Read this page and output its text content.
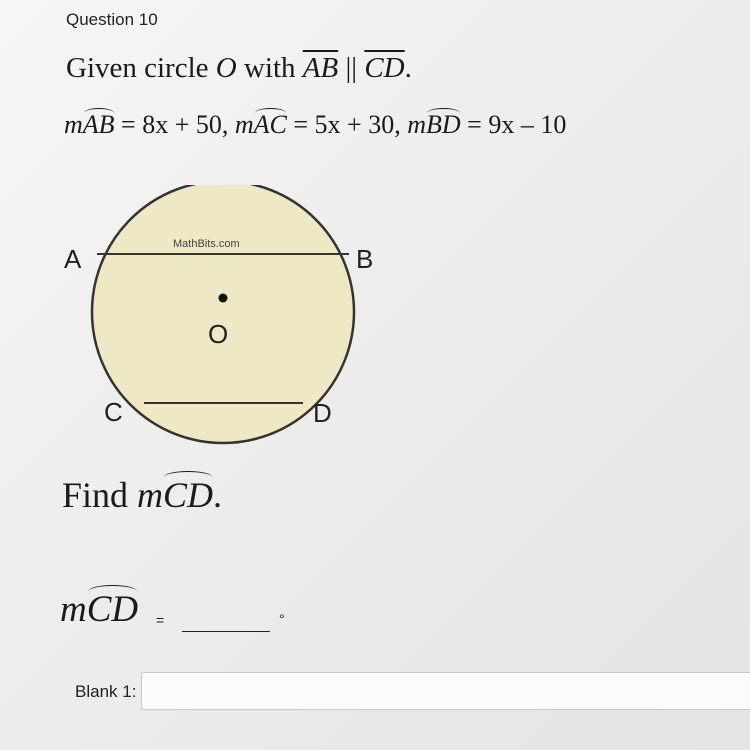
Question 10
Given circle O with $\overline{AB}$ || $\overline{CD}$.
mAB = 8x + 50, mAC = 5x + 30, mBD = 9x – 10
MathBits.com
A	B
C	D
O
Find mCD.
mCD =	°
Blank 1:
